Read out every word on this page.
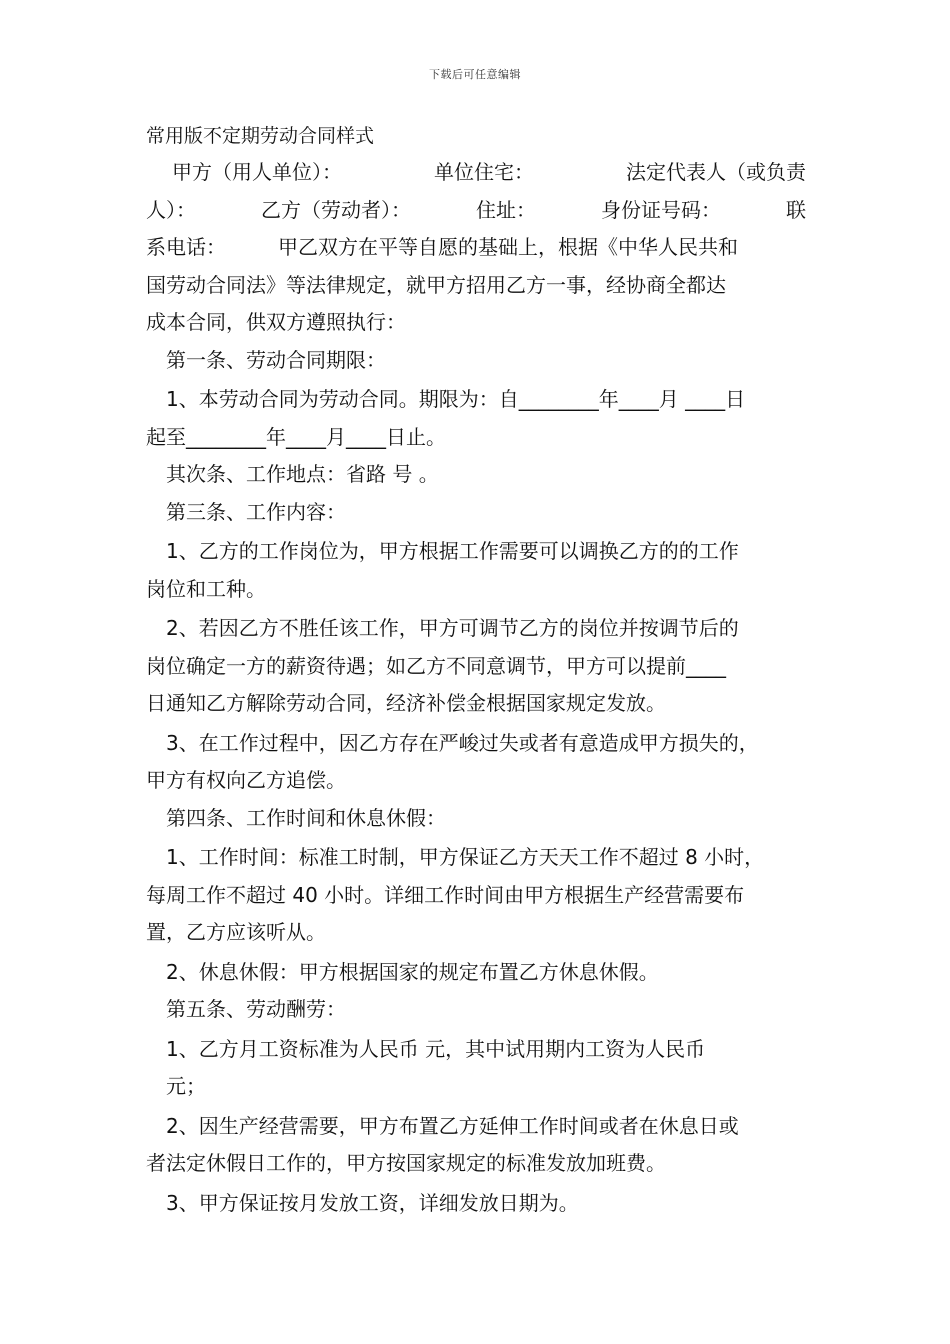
下载后可任意编辑
常用版不定期劳动合同样式
甲方（用人单位）：	单位住宅：	法定代表人（或负责
人）：	乙方（劳动者）：	住址：	身份证号码：	联
系电话：	甲乙双方在平等自愿的基础上，根据《中华人民共和
国劳动合同法》等法律规定，就甲方招用乙方一事，经协商全都达
成本合同，供双方遵照执行：
第一条、劳动合同期限：
1、本劳动合同为劳动合同。期限为：自________年____月 ____日
起至________年____月____日止。
其次条、工作地点：省路 号 。
第三条、工作内容：
1、乙方的工作岗位为，甲方根据工作需要可以调换乙方的的工作
岗位和工种。
2、若因乙方不胜任该工作，甲方可调节乙方的岗位并按调节后的
岗位确定一方的薪资待遇；如乙方不同意调节，甲方可以提前____
日通知乙方解除劳动合同，经济补偿金根据国家规定发放。
3、在工作过程中，因乙方存在严峻过失或者有意造成甲方损失的，
甲方有权向乙方追偿。
第四条、工作时间和休息休假：
1、工作时间：标准工时制，甲方保证乙方天天工作不超过 8 小时，
每周工作不超过 40 小时。详细工作时间由甲方根据生产经营需要布
置，乙方应该听从。
2、休息休假：甲方根据国家的规定布置乙方休息休假。
第五条、劳动酬劳：
1、乙方月工资标准为人民币 元，其中试用期内工资为人民币
元；
2、因生产经营需要，甲方布置乙方延伸工作时间或者在休息日或
者法定休假日工作的，甲方按国家规定的标准发放加班费。
3、甲方保证按月发放工资，详细发放日期为。
